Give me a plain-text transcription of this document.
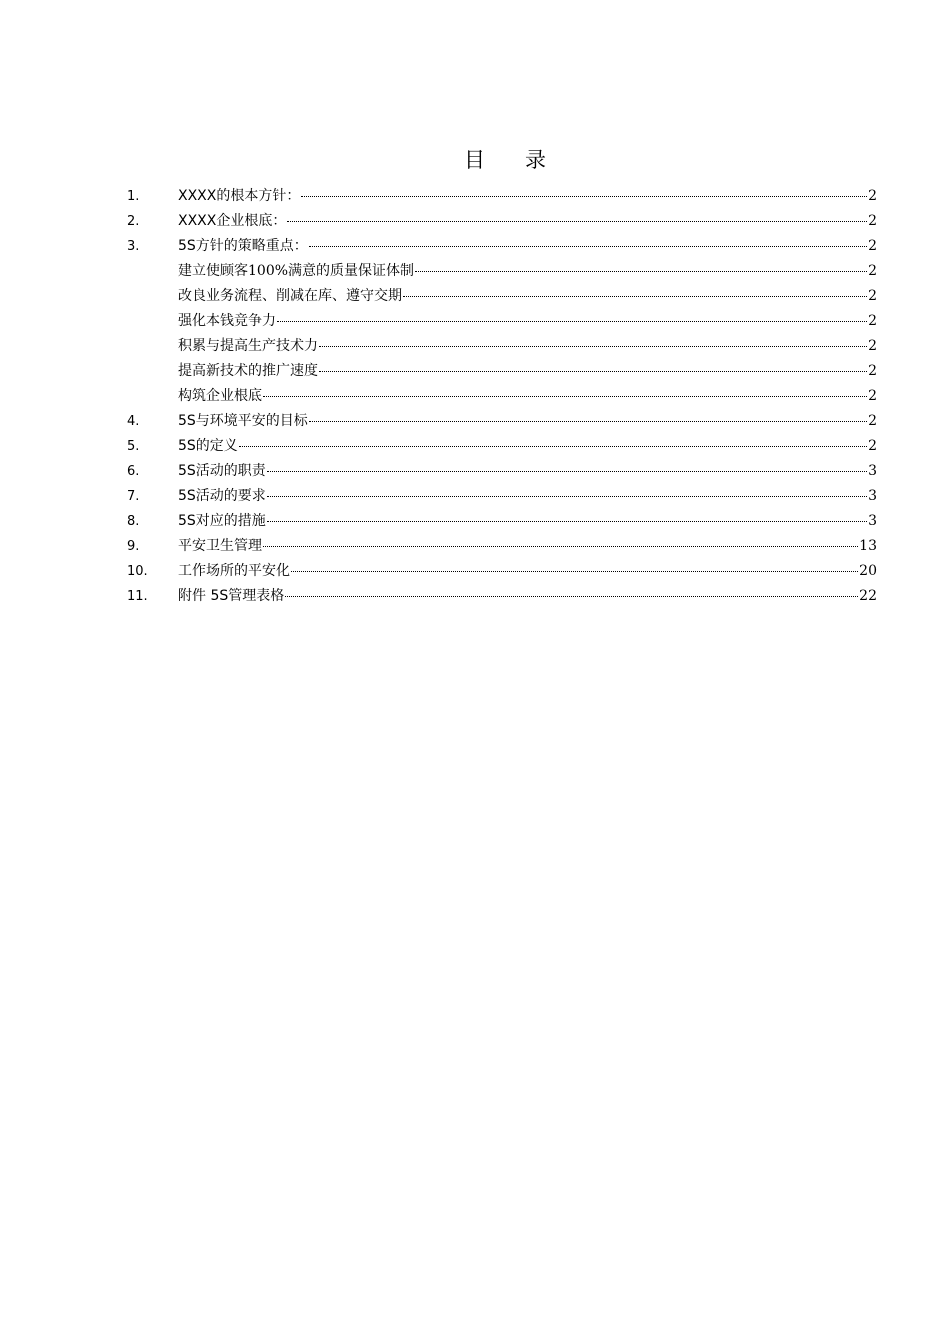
目录
1.	XXXX的根本方针：	2
2.	XXXX企业根底：	2
3.	5S方针的策略重点：	2
建立使顾客100%满意的质量保证体制	2
改良业务流程、削减在库、遵守交期	2
强化本钱竞争力	2
积累与提高生产技术力	2
提高新技术的推广速度	2
构筑企业根底	2
4.	5S与环境平安的目标	2
5.	5S的定义	2
6.	5S活动的职责	3
7.	5S活动的要求	3
8.	5S对应的措施	3
9.	平安卫生管理	13
10.	工作场所的平安化	20
11.	附件 5S管理表格	22
